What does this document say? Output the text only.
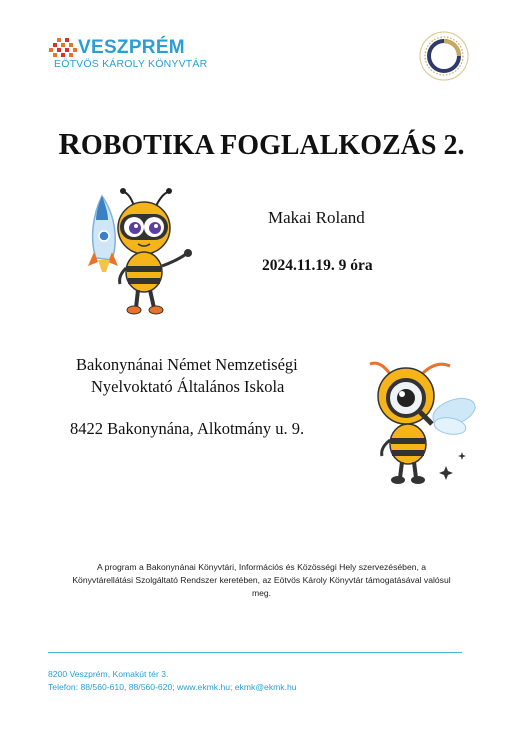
VESZPRÉM
EÖTVÖS KÁROLY KÖNYVTÁR
ROBOTIKA FOGLALKOZÁS 2.
Makai Roland
2024.11.19. 9 óra
Bakonynánai Német Nemzetiségi
Nyelvoktató Általános Iskola
8422 Bakonynána, Alkotmány u. 9.
A program a Bakonynánai Könyvtári, Információs és Közösségi Hely szervezésében, a
Könyvtárellátási Szolgáltató Rendszer keretében, az Eötvös Károly Könyvtár támogatásával valósul
meg.
8200 Veszprém, Komakút tér 3.
Telefon: 88/560-610, 88/560-620; www.ekmk.hu; ekmk@ekmk.hu
